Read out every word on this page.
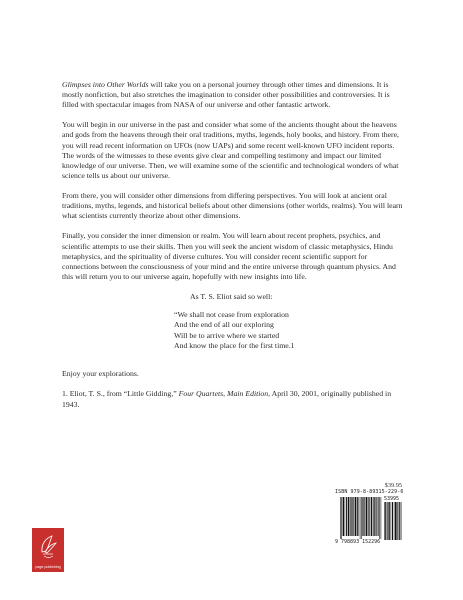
Glimpses into Other Worlds will take you on a personal journey through other times and dimensions. It is mostly nonfiction, but also stretches the imagination to consider other possibilities and controversies. It is filled with spectacular images from NASA of our universe and other fantastic artwork.

You will begin in our universe in the past and consider what some of the ancients thought about the heavens and gods from the heavens through their oral traditions, myths, legends, holy books, and history. From there, you will read recent information on UFOs (now UAPs) and some recent well-known UFO incident reports. The words of the witnesses to these events give clear and compelling testimony and impact our limited knowledge of our universe. Then, we will examine some of the scientific and technological wonders of what science tells us about our universe.

From there, you will consider other dimensions from differing perspectives. You will look at ancient oral traditions, myths, legends, and historical beliefs about other dimensions (other worlds, realms). You will learn what scientists currently theorize about other dimensions.

Finally, you consider the inner dimension or realm. You will learn about recent prophets, psychics, and scientific attempts to use their skills. Then you will seek the ancient wisdom of classic metaphysics, Hindu metaphysics, and the spirituality of diverse cultures. You will consider recent scientific support for connections between the consciousness of your mind and the entire universe through quantum physics. And this will return you to our universe again, hopefully with new insights into life.

As T. S. Eliot said so well:

“We shall not cease from exploration
And the end of all our exploring
Will be to arrive where we started
And know the place for the first time.1

Enjoy your explorations.

1. Eliot, T. S., from “Little Gidding,” Four Quartets, Main Edition, April 30, 2001, originally published in 1943.

$39.95
ISBN 979-8-89315-229-6
9 798893 152296
53995
page publishing
